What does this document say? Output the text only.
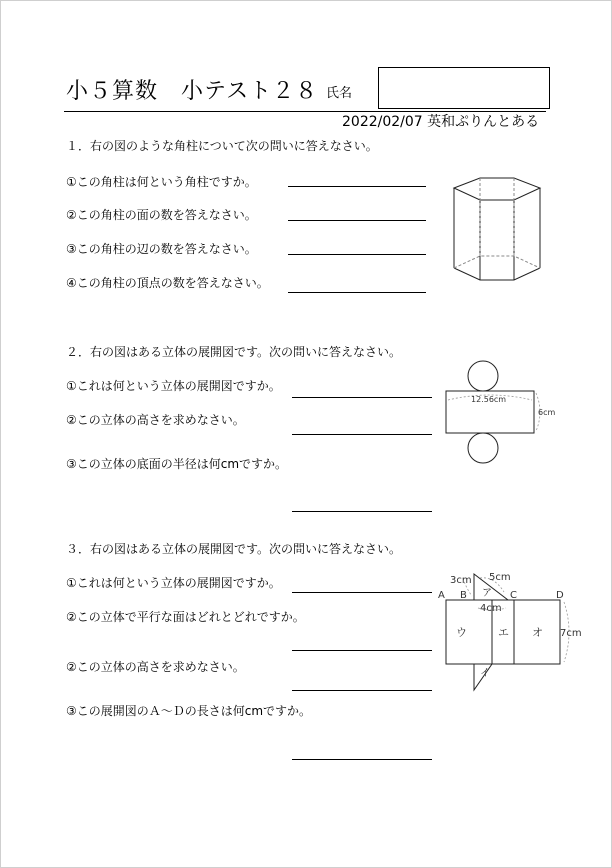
小５算数　小テスト２８ 氏名
2022/02/07 英和ぷりんとある
１．右の図のような角柱について次の問いに答えなさい。
①この角柱は何という角柱ですか。
②この角柱の面の数を答えなさい。
③この角柱の辺の数を答えなさい。
④この角柱の頂点の数を答えなさい。
２．右の図はある立体の展開図です。次の問いに答えなさい。
①これは何という立体の展開図ですか。
②この立体の高さを求めなさい。
③この立体の底面の半径は何cmですか。
12.56cm
6cm
３．右の図はある立体の展開図です。次の問いに答えなさい。
①これは何という立体の展開図ですか。
②この立体で平行な面はどれとどれですか。
②この立体の高さを求めなさい。
③この展開図のＡ～Ｄの長さは何cmですか。
3cm 5cm
4cm
7cm
A B	C	D
ア
イ
ウ	エ オ
